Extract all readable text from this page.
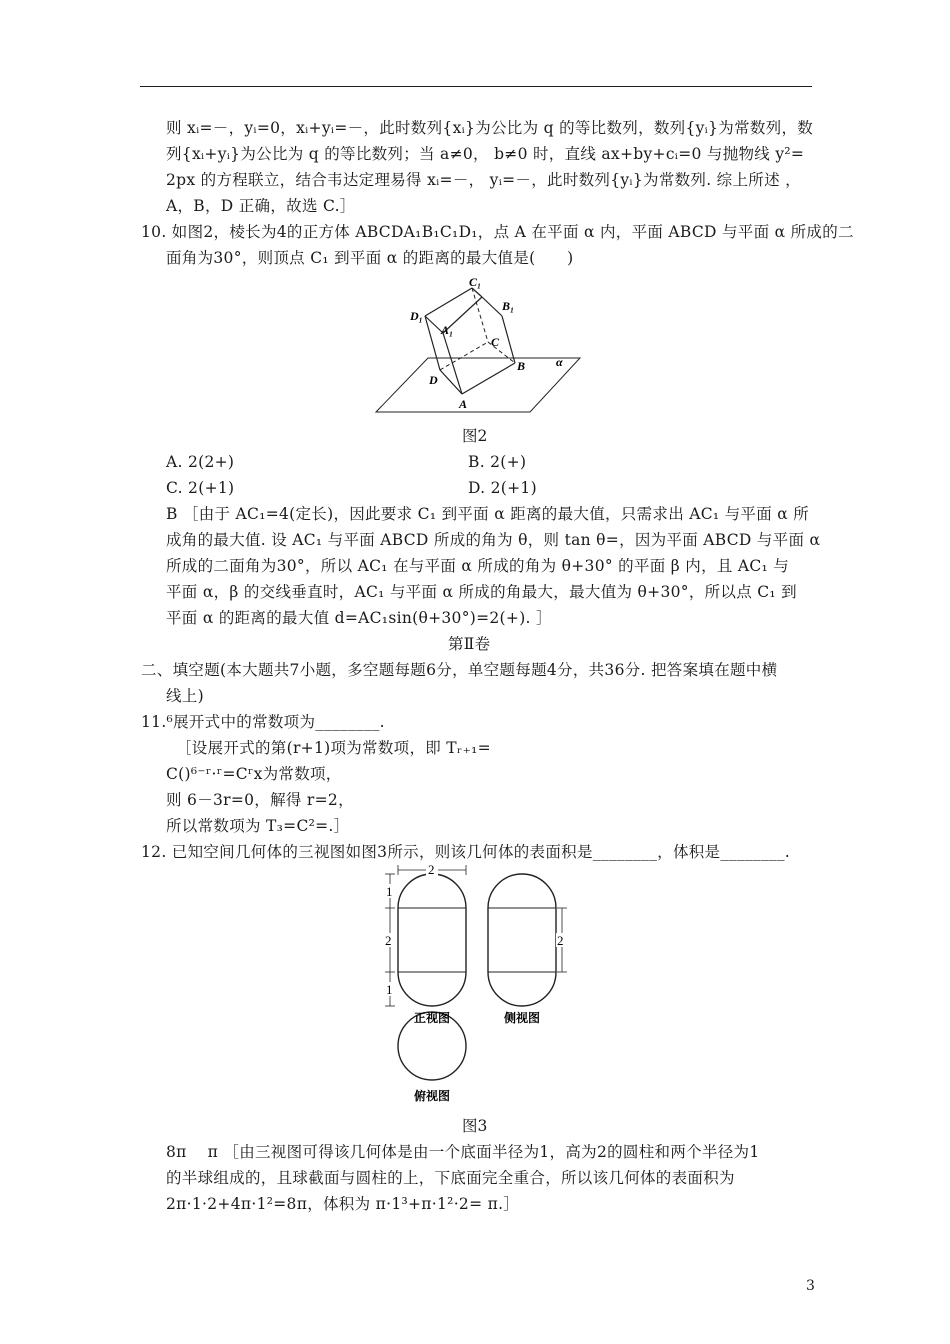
则 xᵢ=－，yᵢ=0，xᵢ+yᵢ=－，此时数列{xᵢ}为公比为 q 的等比数列，数列{yᵢ}为常数列，数
列{xᵢ+yᵢ}为公比为 q 的等比数列；当 a≠0， b≠0 时，直线 ax+by+cᵢ=0 与抛物线 y²=
2px 的方程联立，结合韦达定理易得 xᵢ=－， yᵢ=－，此时数列{yᵢ}为常数列. 综上所述 ，
A，B，D 正确，故选 C.］
10. 如图2，棱长为4的正方体 ABCDA₁B₁C₁D₁，点 A 在平面 α 内，平面 ABCD 与平面 α 所成的二
面角为30°，则顶点 C₁ 到平面 α 的距离的最大值是(　　)
C₁
B₁
D₁
A₁
C
α
D
B
A
图2
A. 2(2+)	B. 2(+)
C. 2(+1)	D. 2(+1)
B ［由于 AC₁=4(定长)，因此要求 C₁ 到平面 α 距离的最大值，只需求出 AC₁ 与平面 α 所
成角的最大值. 设 AC₁ 与平面 ABCD 所成的角为 θ，则 tan θ=，因为平面 ABCD 与平面 α
所成的二面角为30°，所以 AC₁ 在与平面 α 所成的角为 θ+30° 的平面 β 内，且 AC₁ 与
平面 α，β 的交线垂直时，AC₁ 与平面 α 所成的角最大，最大值为 θ+30°，所以点 C₁ 到
平面 α 的距离的最大值 d=AC₁sin(θ+30°)=2(+). ］
第Ⅱ卷
二、填空题(本大题共7小题，多空题每题6分，单空题每题4分，共36分. 把答案填在题中横
线上)
11.⁶展开式中的常数项为________.
［设展开式的第(r+1)项为常数项，即 Tᵣ₊₁=
C()⁶⁻ʳ·ʳ=Cʳx为常数项，
则 6－3r=0，解得 r=2，
所以常数项为 T₃=C²=.］
12. 已知空间几何体的三视图如图3所示，则该几何体的表面积是________，体积是________.
2
1
2
1
2
正视图	侧视图
俯视图
图3
8π　 π ［由三视图可得该几何体是由一个底面半径为1，高为2的圆柱和两个半径为1
的半球组成的，且球截面与圆柱的上，下底面完全重合，所以该几何体的表面积为
2π·1·2+4π·1²=8π，体积为 π·1³+π·1²·2= π.］
3
